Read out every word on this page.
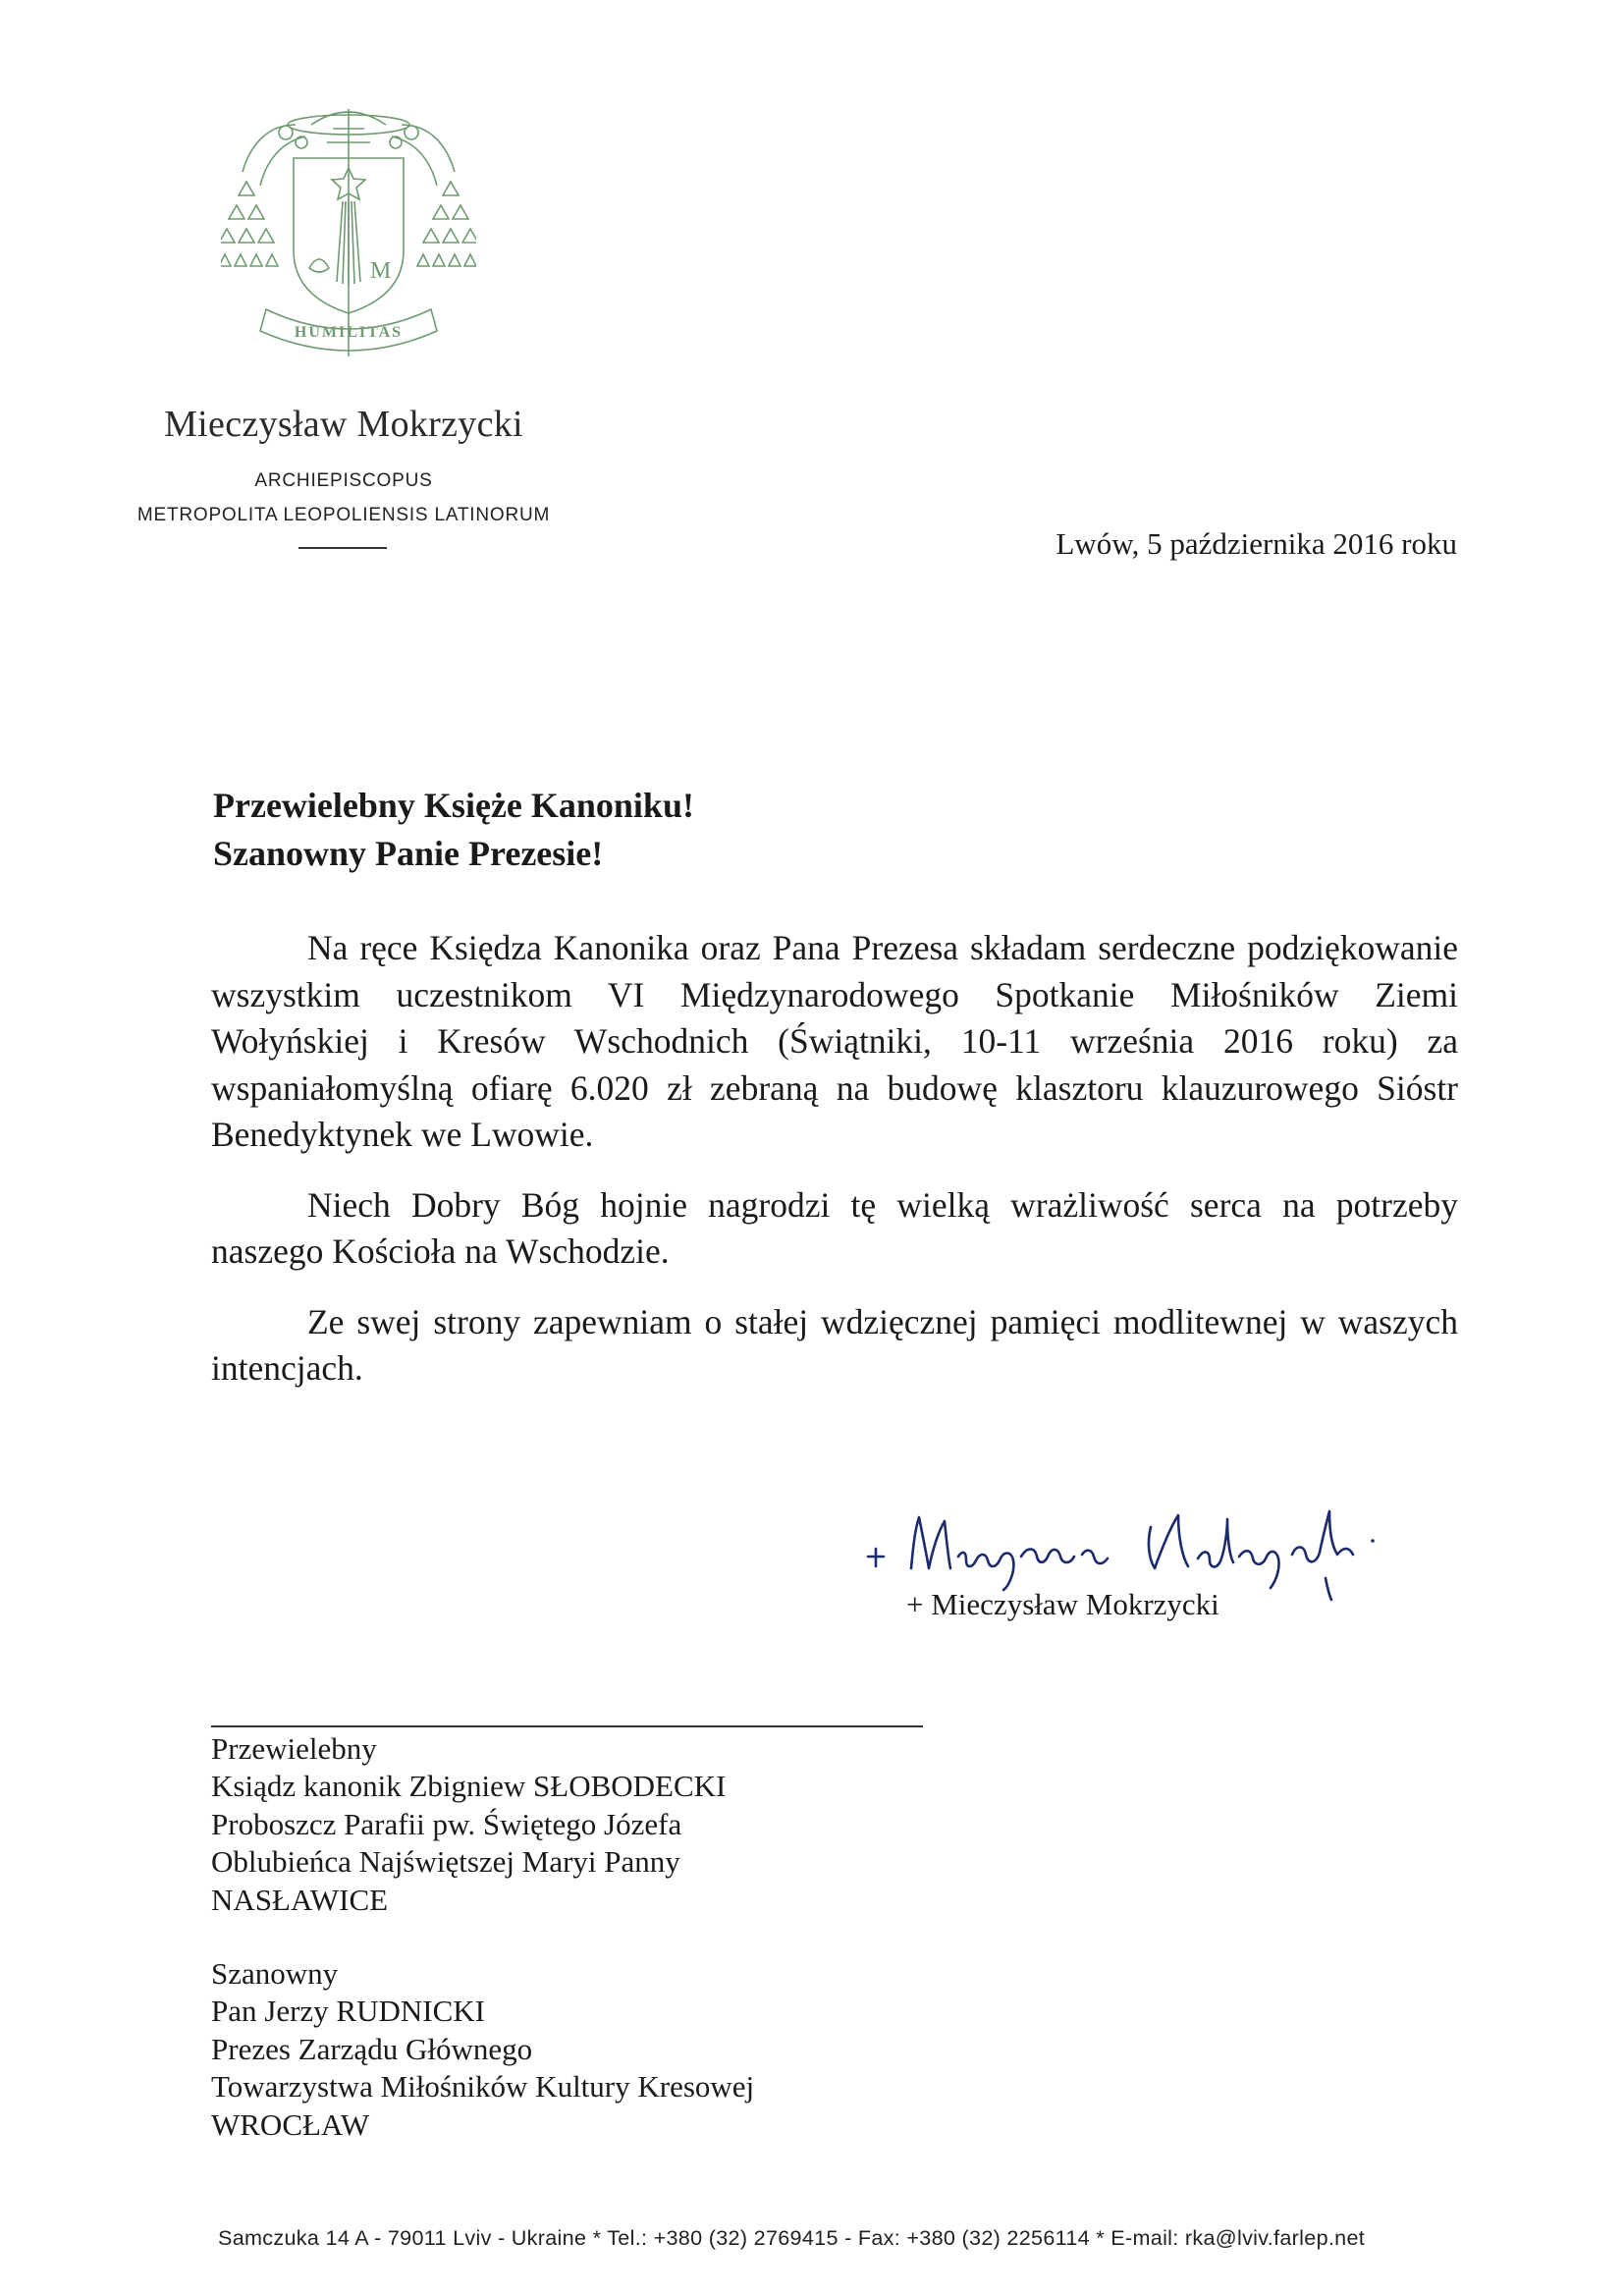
M
HUMILITAS
Mieczysław Mokrzycki
ARCHIEPISCOPUS
METROPOLITA LEOPOLIENSIS LATINORUM
Lwów, 5 października 2016 roku
Przewielebny Księże Kanoniku!
Szanowny Panie Prezesie!

Na ręce Księdza Kanonika oraz Pana Prezesa składam serdeczne podziękowanie wszystkim uczestnikom VI Międzynarodowego Spotkanie Miłośników Ziemi Wołyńskiej i Kresów Wschodnich (Świątniki, 10-11 września 2016 roku) za wspaniałomyślną ofiarę 6.020 zł zebraną na budowę klasztoru klauzurowego Sióstr Benedyktynek we Lwowie.

Niech Dobry Bóg hojnie nagrodzi tę wielką wrażliwość serca na potrzeby naszego Kościoła na Wschodzie.

Ze swej strony zapewniam o stałej wdzięcznej pamięci modlitewnej w waszych intencjach.

+ Mieczysław Mokrzycki
Przewielebny
Ksiądz kanonik Zbigniew SŁOBODECKI
Proboszcz Parafii pw. Świętego Józefa
Oblubieńca Najświętszej Maryi Panny
NASŁAWICE
Szanowny
Pan Jerzy RUDNICKI
Prezes Zarządu Głównego
Towarzystwa Miłośników Kultury Kresowej
WROCŁAW
Samczuka 14 A - 79011 Lviv - Ukraine * Tel.: +380 (32) 2769415 - Fax: +380 (32) 2256114 * E-mail: rka@lviv.farlep.net
